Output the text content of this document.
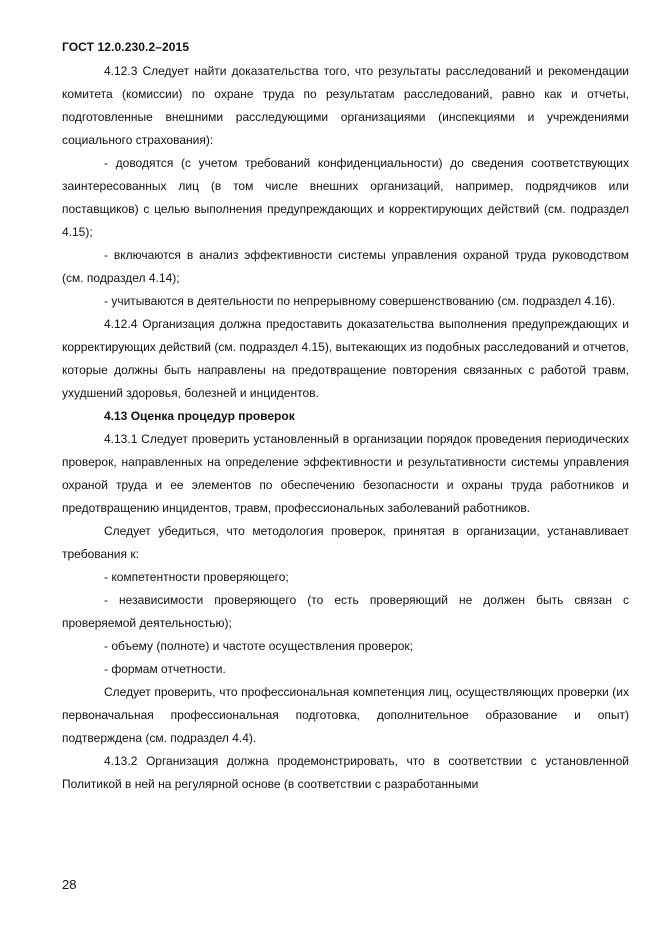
ГОСТ 12.0.230.2–2015

4.12.3 Следует найти доказательства того, что результаты расследований и рекомендации комитета (комиссии) по охране труда по результатам расследований, равно как и отчеты, подготовленные внешними расследующими организациями (инспекциями и учреждениями социального страхования):

- доводятся (с учетом требований конфиденциальности) до сведения соответствующих заинтересованных лиц (в том числе внешних организаций, например, подрядчиков или поставщиков) с целью выполнения предупреждающих и корректирующих действий (см. подраздел 4.15);

- включаются в анализ эффективности системы управления охраной труда руководством (см. подраздел 4.14);

- учитываются в деятельности по непрерывному совершенствованию (см. подраздел 4.16).

4.12.4 Организация должна предоставить доказательства выполнения предупреждающих и корректирующих действий (см. подраздел 4.15), вытекающих из подобных расследований и отчетов, которые должны быть направлены на предотвращение повторения связанных с работой травм, ухудшений здоровья, болезней и инцидентов.

4.13 Оценка процедур проверок

4.13.1 Следует проверить установленный в организации порядок проведения периодических проверок, направленных на определение эффективности и результативности системы управления охраной труда и ее элементов по обеспечению безопасности и охраны труда работников и предотвращению инцидентов, травм, профессиональных заболеваний работников.

Следует убедиться, что методология проверок, принятая в организации, устанавливает требования к:

- компетентности проверяющего;

- независимости проверяющего (то есть проверяющий не должен быть связан с проверяемой деятельностью);

- объему (полноте) и частоте осуществления проверок;

- формам отчетности.

Следует проверить, что профессиональная компетенция лиц, осуществляющих проверки (их первоначальная профессиональная подготовка, дополнительное образование и опыт) подтверждена (см. подраздел 4.4).

4.13.2 Организация должна продемонстрировать, что в соответствии с установленной Политикой в ней на регулярной основе (в соответствии с разработанными

28
